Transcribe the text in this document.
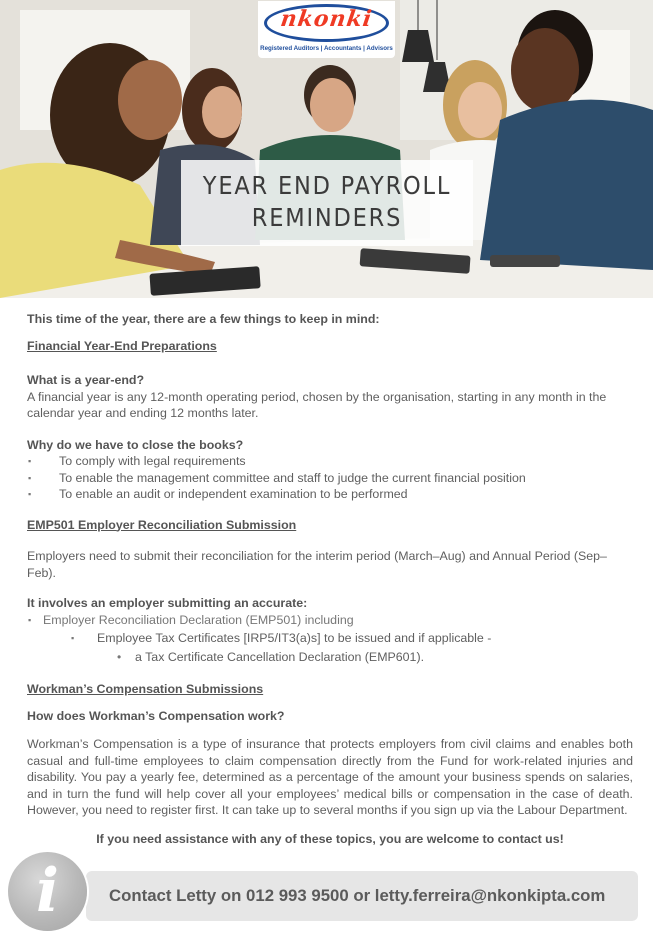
nkonki
Registered Auditors | Accountants | Advisors
YEAR END PAYROLL
REMINDERS
This time of the year, there are a few things to keep in mind:
Financial Year-End Preparations
What is a year-end?

A financial year is any 12-month operating period, chosen by the organisation, starting in any month in the calendar year and ending 12 months later.

Why do we have to close the books?
▪ To comply with legal requirements
▪ To enable the management committee and staff to judge the current financial position
▪ To enable an audit or independent examination to be performed
EMP501 Employer Reconciliation Submission

Employers need to submit their reconciliation for the interim period (March–Aug) and Annual Period (Sep–Feb).

It involves an employer submitting an accurate:
▪ Employer Reconciliation Declaration (EMP501) including
▪ Employee Tax Certificates [IRP5/IT3(a)s] to be issued and if applicable -
• a Tax Certificate Cancellation Declaration (EMP601).
Workman’s Compensation Submissions
How does Workman’s Compensation work?

Workman’s Compensation is a type of insurance that protects employers from civil claims and enables both casual and full-time employees to claim compensation directly from the Fund for work-related injuries and disability. You pay a yearly fee, determined as a percentage of the amount your business spends on salaries, and in turn the fund will help cover all your employees’ medical bills or compensation in the case of death. However, you need to register first. It can take up to several months if you sign up via the Labour Department.

If you need assistance with any of these topics, you are welcome to contact us!
Contact Letty on 012 993 9500 or letty.ferreira@nkonkipta.com
i
